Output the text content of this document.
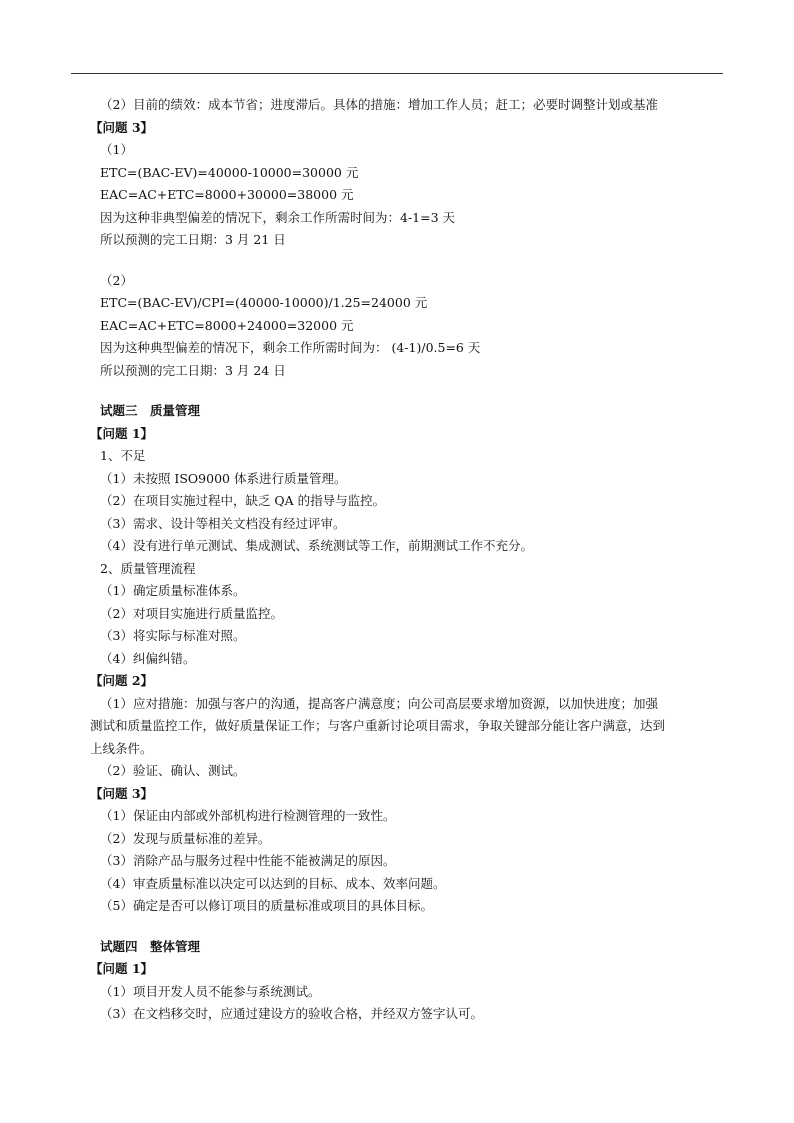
（2）目前的绩效：成本节省；进度滞后。具体的措施：增加工作人员；赶工；必要时调整计划或基准
【问题 3】
（1）
ETC=(BAC-EV)=40000-10000=30000 元
EAC=AC+ETC=8000+30000=38000 元
因为这种非典型偏差的情况下，剩余工作所需时间为：4-1=3 天
所以预测的完工日期：3 月 21 日
（2）
ETC=(BAC-EV)/CPI=(40000-10000)/1.25=24000 元
EAC=AC+ETC=8000+24000=32000 元
因为这种典型偏差的情况下，剩余工作所需时间为： (4-1)/0.5=6 天
所以预测的完工日期：3 月 24 日
试题三　质量管理
【问题 1】
1、不足
（1）未按照 ISO9000 体系进行质量管理。
（2）在项目实施过程中，缺乏 QA 的指导与监控。
（3）需求、设计等相关文档没有经过评审。
（4）没有进行单元测试、集成测试、系统测试等工作，前期测试工作不充分。
2、质量管理流程
（1）确定质量标准体系。
（2）对项目实施进行质量监控。
（3）将实际与标准对照。
（4）纠偏纠错。
【问题 2】
（1）应对措施：加强与客户的沟通，提高客户满意度；向公司高层要求增加资源，以加快进度；加强
测试和质量监控工作，做好质量保证工作；与客户重新讨论项目需求，争取关键部分能让客户满意，达到
上线条件。
（2）验证、确认、测试。
【问题 3】
（1）保证由内部或外部机构进行检测管理的一致性。
（2）发现与质量标准的差异。
（3）消除产品与服务过程中性能不能被满足的原因。
（4）审查质量标准以决定可以达到的目标、成本、效率问题。
（5）确定是否可以修订项目的质量标准或项目的具体目标。
试题四　整体管理
【问题 1】
（1）项目开发人员不能参与系统测试。
（3）在文档移交时，应通过建设方的验收合格，并经双方签字认可。
